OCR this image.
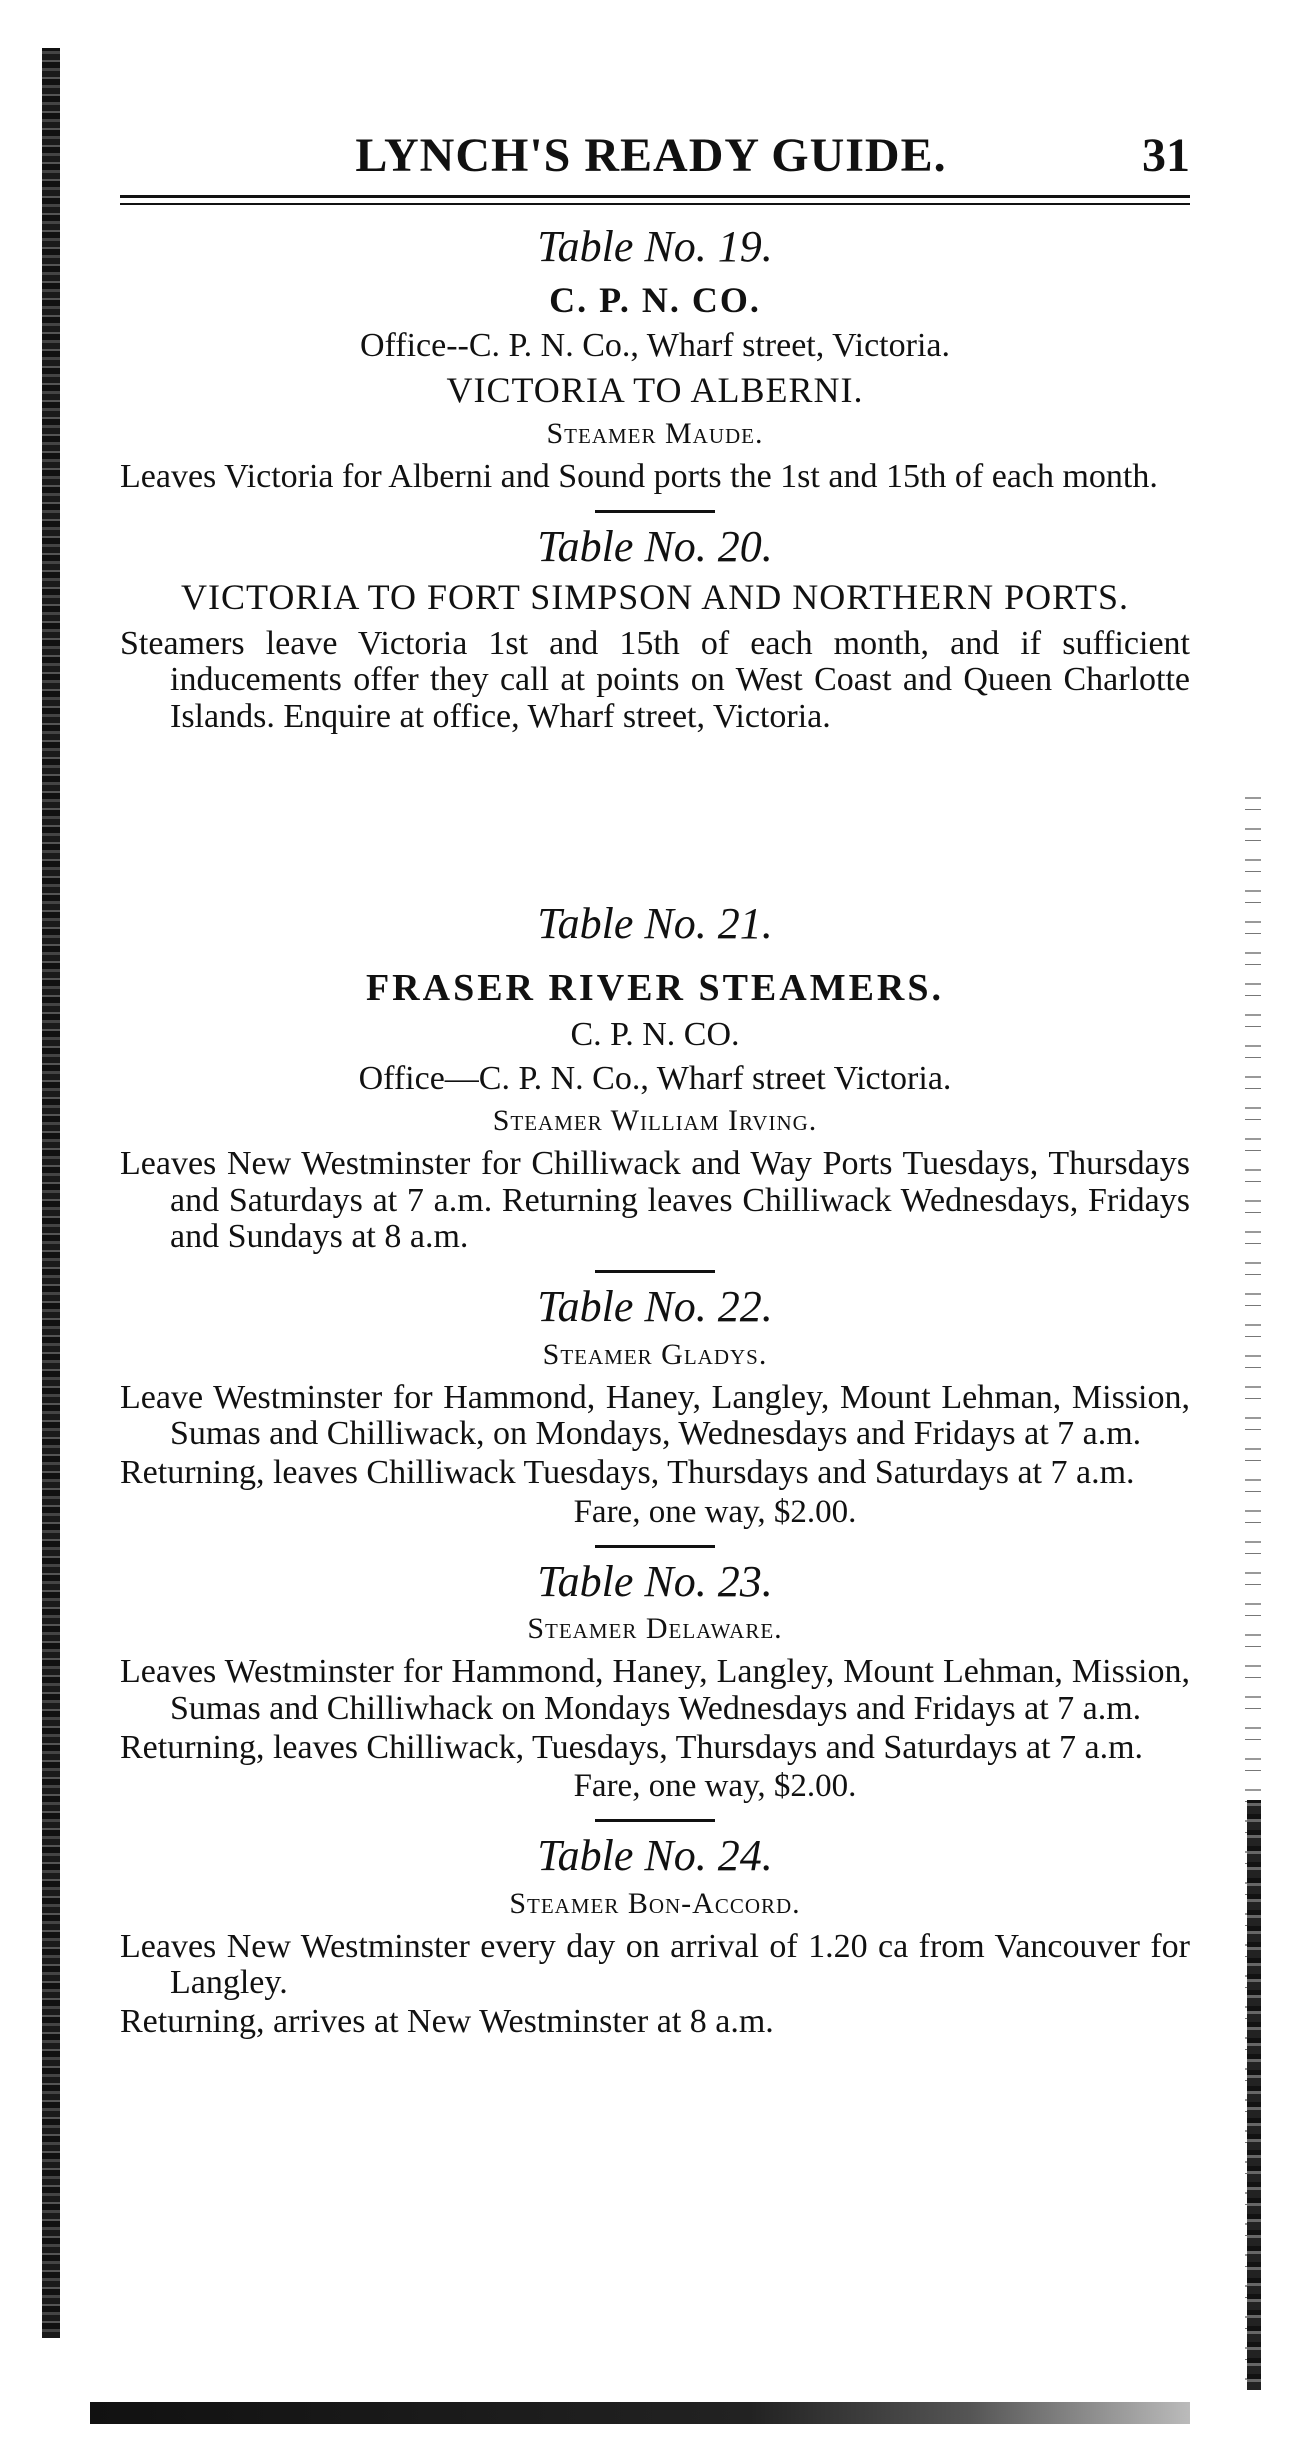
LYNCH'S READY GUIDE.	31
Table No. 19.
C. P. N. CO.
Office--C. P. N. Co., Wharf street, Victoria.
VICTORIA TO ALBERNI.
Steamer Maude.
Leaves Victoria for Alberni and Sound ports the 1st and 15th of each month.
Table No. 20.
VICTORIA TO FORT SIMPSON AND NORTHERN PORTS.
Steamers leave Victoria 1st and 15th of each month, and if sufficient inducements offer they call at points on West Coast and Queen Charlotte Islands. Enquire at office, Wharf street, Victoria.
Table No. 21.
FRASER RIVER STEAMERS.
C. P. N. CO.
Office—C. P. N. Co., Wharf street Victoria.
Steamer William Irving.
Leaves New Westminster for Chilliwack and Way Ports Tuesdays, Thursdays and Saturdays at 7 a.m. Returning leaves Chilliwack Wednesdays, Fridays and Sundays at 8 a.m.
Table No. 22.
Steamer Gladys.
Leave Westminster for Hammond, Haney, Langley, Mount Lehman, Mission, Sumas and Chilliwack, on Mondays, Wednesdays and Fridays at 7 a.m.
Returning, leaves Chilliwack Tuesdays, Thursdays and Saturdays at 7 a.m.
Fare, one way, $2.00.
Table No. 23.
Steamer Delaware.
Leaves Westminster for Hammond, Haney, Langley, Mount Lehman, Mission, Sumas and Chilliwhack on Mondays Wednesdays and Fridays at 7 a.m.
Returning, leaves Chilliwack, Tuesdays, Thursdays and Saturdays at 7 a.m.
Fare, one way, $2.00.
Table No. 24.
Steamer Bon-Accord.
Leaves New Westminster every day on arrival of 1.20 ca from Vancouver for Langley.
Returning, arrives at New Westminster at 8 a.m.
